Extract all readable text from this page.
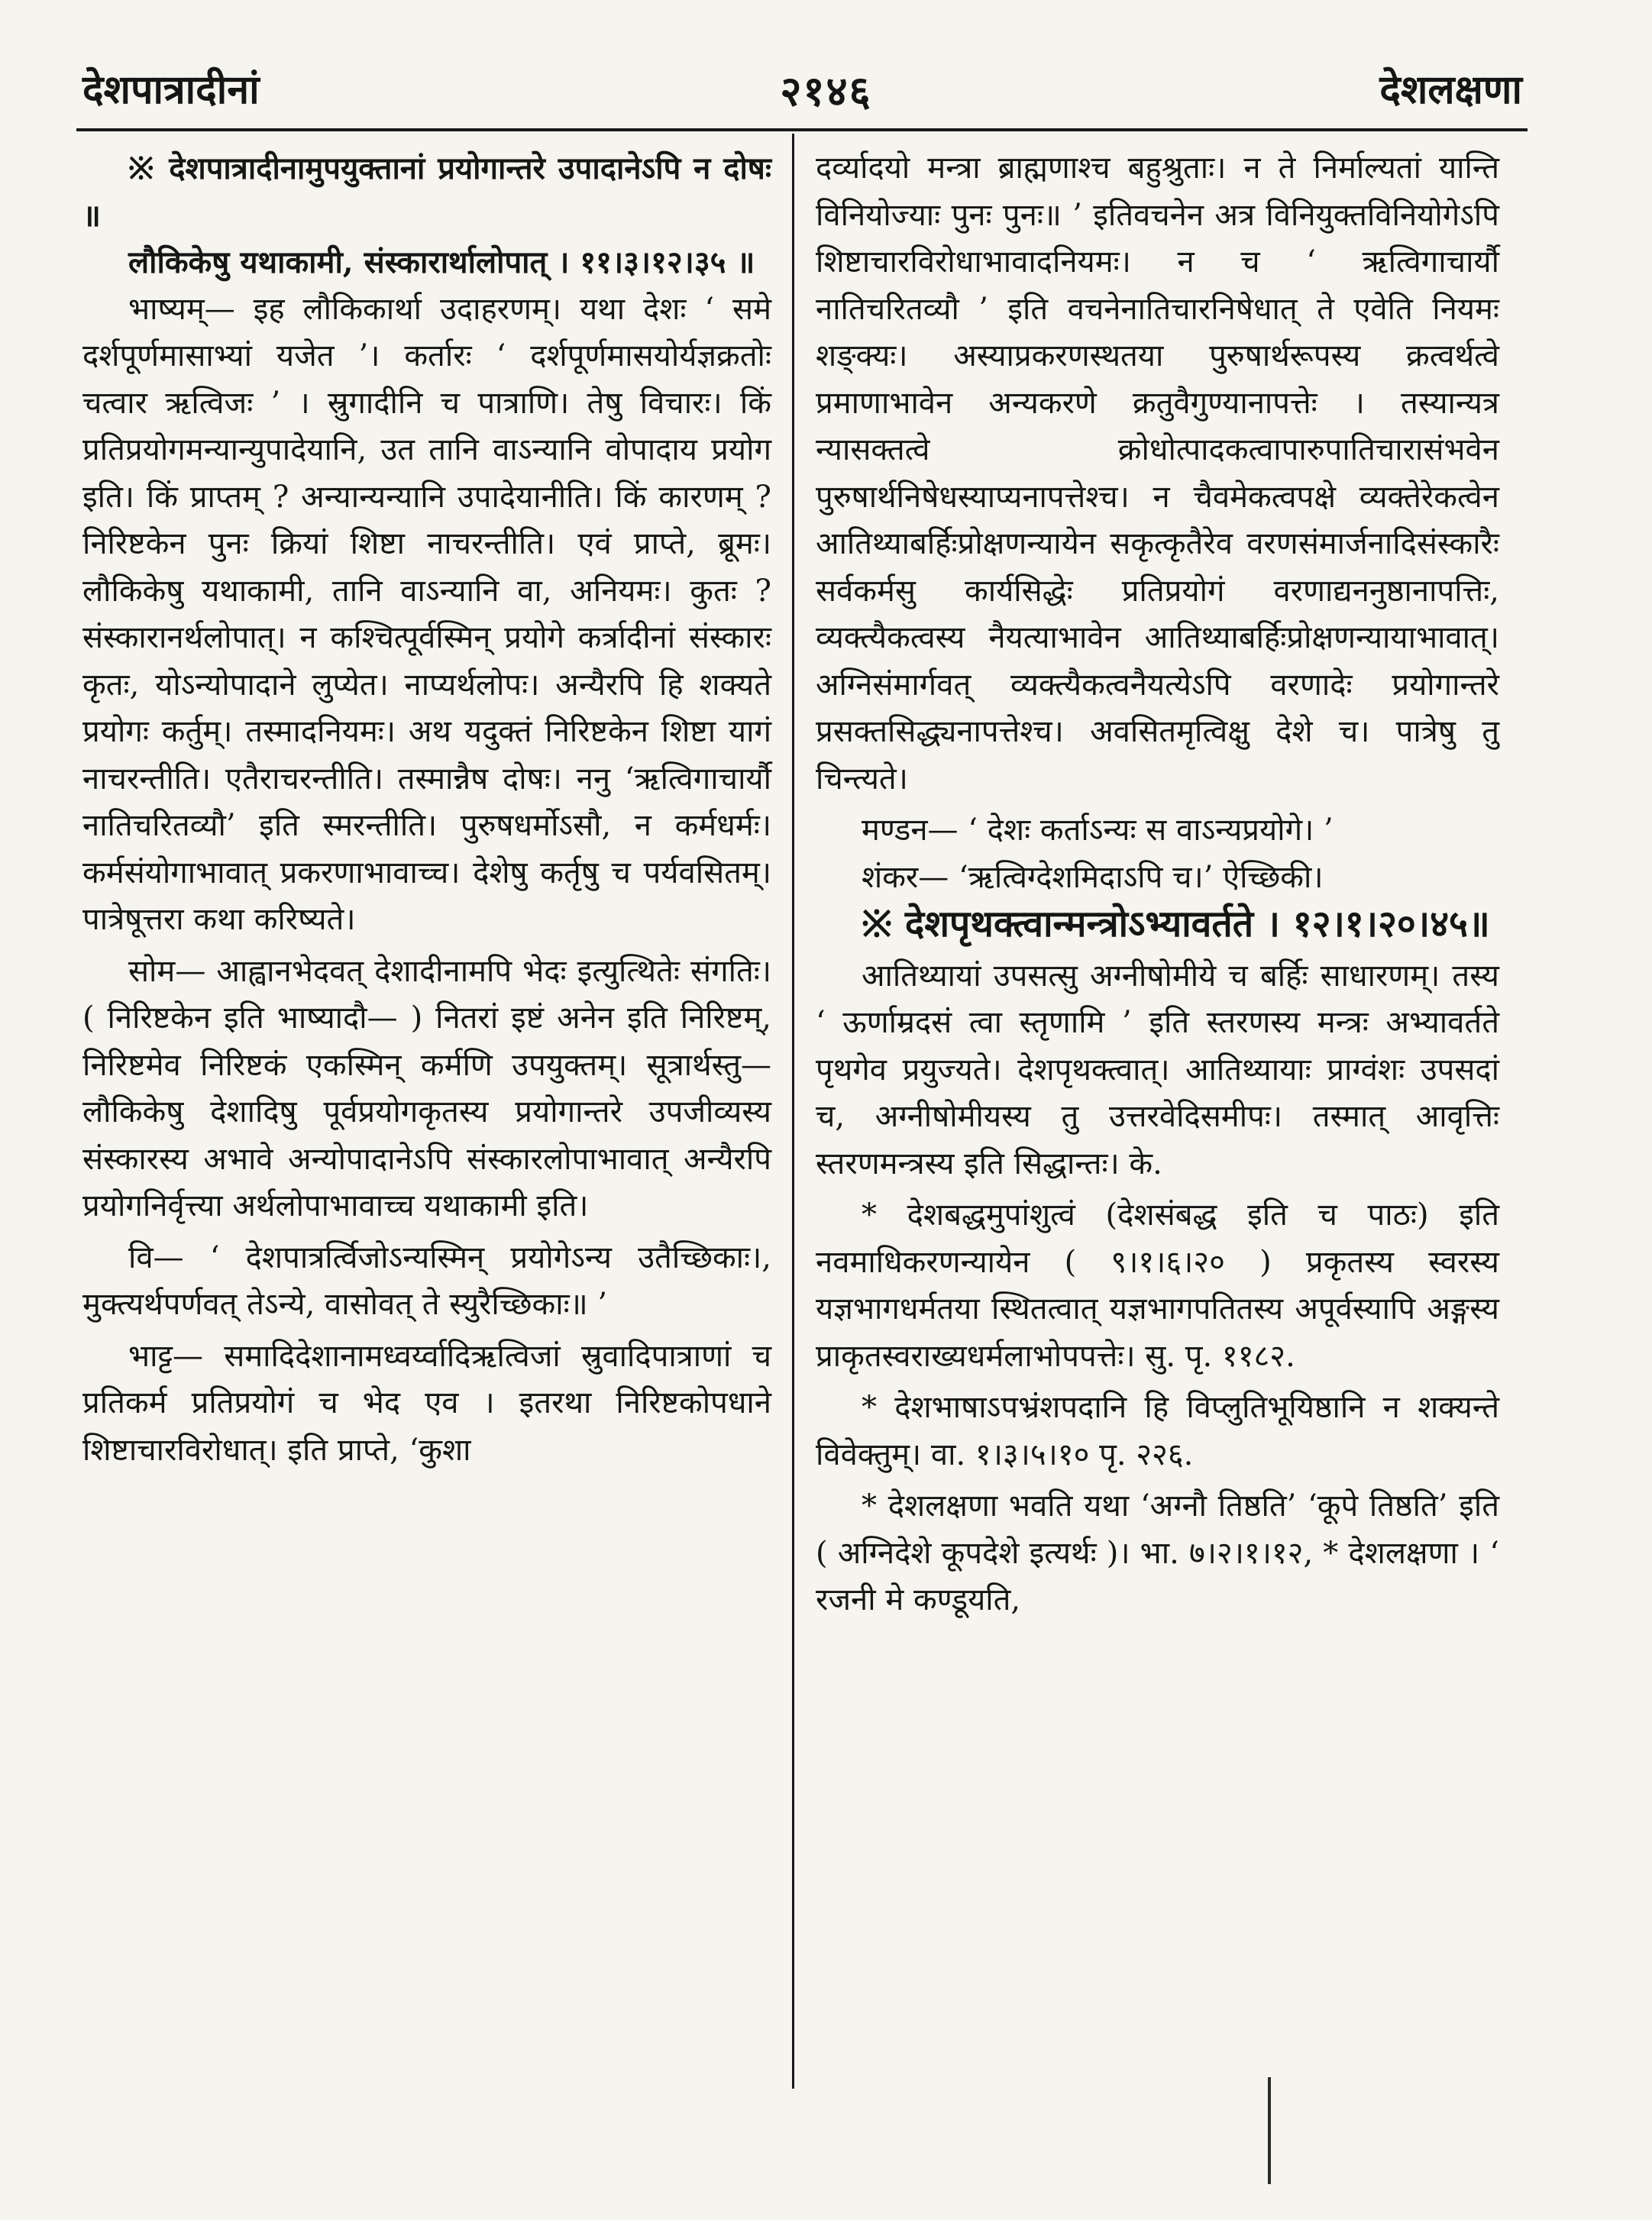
देशपात्रादीनां	२१४६	देशलक्षणा

※ देशपात्रादीनामुपयुक्तानां प्रयोगान्तरे उपादानेऽपि न दोषः ॥

लौकिकेषु यथाकामी, संस्कारार्थालोपात् । ११।३।१२।३५ ॥

भाष्यम्— इह लौकिकार्था उदाहरणम्। यथा देशः ‘ समे दर्शपूर्णमासाभ्यां यजेत ’। कर्तारः ‘ दर्शपूर्णमासयोर्यज्ञक्रतोः चत्वार ऋत्विजः ’ । स्रुगादीनि च पात्राणि। तेषु विचारः। किं प्रतिप्रयोगमन्यान्युपादेयानि, उत तानि वाऽन्यानि वोपादाय प्रयोग इति। किं प्राप्तम् ? अन्यान्यन्यानि उपादेयानीति। किं कारणम् ? निरिष्टकेन पुनः क्रियां शिष्टा नाचरन्तीति। एवं प्राप्ते, ब्रूमः। लौकिकेषु यथाकामी, तानि वाऽन्यानि वा, अनियमः। कुतः ? संस्कारानर्थलोपात्। न कश्चित्पूर्वस्मिन् प्रयोगे कर्त्रादीनां संस्कारः कृतः, योऽन्योपादाने लुप्येत। नाप्यर्थलोपः। अन्यैरपि हि शक्यते प्रयोगः कर्तुम्। तस्मादनियमः। अथ यदुक्तं निरिष्टकेन शिष्टा यागं नाचरन्तीति। एतैराचरन्तीति। तस्मान्नैष दोषः। ननु ‘ऋत्विगाचार्यौ नातिचरितव्यौ’ इति स्मरन्तीति। पुरुषधर्मोऽसौ, न कर्मधर्मः। कर्मसंयोगाभावात् प्रकरणाभावाच्च। देशेषु कर्तृषु च पर्यवसितम्। पात्रेषूत्तरा कथा करिष्यते।

सोम— आह्वानभेदवत् देशादीनामपि भेदः इत्युत्थितेः संगतिः। ( निरिष्टकेन इति भाष्यादौ— ) नितरां इष्टं अनेन इति निरिष्टम्, निरिष्टमेव निरिष्टकं एकस्मिन् कर्मणि उपयुक्तम्। सूत्रार्थस्तु— लौकिकेषु देशादिषु पूर्वप्रयोगकृतस्य प्रयोगान्तरे उपजीव्यस्य संस्कारस्य अभावे अन्योपादानेऽपि संस्कारलोपाभावात् अन्यैरपि प्रयोगनिर्वृत्त्या अर्थलोपाभावाच्च यथाकामी इति।

वि— ‘ देशपात्रर्त्विजोऽन्यस्मिन् प्रयोगेऽन्य उतैच्छिकाः।, मुक्त्यर्थपर्णवत् तेऽन्ये, वासोवत् ते स्युरैच्छिकाः॥ ’

भाट्ट— समादिदेशानामध्वर्य्वादिऋत्विजां स्रुवादिपात्राणां च प्रतिकर्म प्रतिप्रयोगं च भेद एव । इतरथा निरिष्टकोपधाने शिष्टाचारविरोधात्। इति प्राप्ते, ‘कुशा

दर्व्यादयो मन्त्रा ब्राह्मणाश्च बहुश्रुताः। न ते निर्माल्यतां यान्ति विनियोज्याः पुनः पुनः॥ ’ इतिवचनेन अत्र विनियुक्तविनियोगेऽपि शिष्टाचारविरोधाभावादनियमः। न च ‘ ऋत्विगाचार्यौ नातिचरितव्यौ ’ इति वचनेनातिचारनिषेधात् ते एवेति नियमः शङ्क्यः। अस्याप्रकरणस्थतया पुरुषार्थरूपस्य क्रत्वर्थत्वे प्रमाणाभावेन अन्यकरणे क्रतुवैगुण्यानापत्तेः । तस्यान्यत्र न्यासक्तत्वे क्रोधोत्पादकत्वापारुपातिचारासंभवेन पुरुषार्थनिषेधस्याप्यनापत्तेश्च। न चैवमेकत्वपक्षे व्यक्तेरेकत्वेन आतिथ्याबर्हिःप्रोक्षणन्यायेन सकृत्कृतैरेव वरणसंमार्जनादिसंस्कारैः सर्वकर्मसु कार्यसिद्धेः प्रतिप्रयोगं वरणाद्यननुष्ठानापत्तिः, व्यक्त्यैकत्वस्य नैयत्याभावेन आतिथ्याबर्हिःप्रोक्षणन्यायाभावात्। अग्निसंमार्गवत् व्यक्त्यैकत्वनैयत्येऽपि वरणादेः प्रयोगान्तरे प्रसक्तसिद्ध्यनापत्तेश्च। अवसितमृत्विक्षु देशे च। पात्रेषु तु चिन्त्यते।

मण्डन— ‘ देशः कर्ताऽन्यः स वाऽन्यप्रयोगे। ’

शंकर— ‘ऋत्विग्देशमिदाऽपि च।’ ऐच्छिकी।

※ देशपृथक्त्वान्मन्त्रोऽभ्यावर्तते । १२।१।२०।४५॥

आतिथ्यायां उपसत्सु अग्नीषोमीये च बर्हिः साधारणम्। तस्य ‘ ऊर्णाम्रदसं त्वा स्तृणामि ’ इति स्तरणस्य मन्त्रः अभ्यावर्तते पृथगेव प्रयुज्यते। देशपृथक्त्वात्। आतिथ्यायाः प्राग्वंशः उपसदां च, अग्नीषोमीयस्य तु उत्तरवेदिसमीपः। तस्मात् आवृत्तिः स्तरणमन्त्रस्य इति सिद्धान्तः। के.

* देशबद्धमुपांशुत्वं (देशसंबद्ध इति च पाठः) इति नवमाधिकरणन्यायेन ( ९।१।६।२० ) प्रकृतस्य स्वरस्य यज्ञभागधर्मतया स्थितत्वात् यज्ञभागपतितस्य अपूर्वस्यापि अङ्गस्य प्राकृतस्वराख्यधर्मलाभोपपत्तेः। सु. पृ. ११८२.

* देशभाषाऽपभ्रंशपदानि हि विप्लुतिभूयिष्ठानि न शक्यन्ते विवेक्तुम्। वा. १।३।५।१० पृ. २२६.

* देशलक्षणा भवति यथा ‘अग्नौ तिष्ठति’ ‘कूपे तिष्ठति’ इति ( अग्निदेशे कूपदेशे इत्यर्थः )। भा. ७।२।१।१२, * देशलक्षणा । ‘ रजनी मे कण्डूयति,
